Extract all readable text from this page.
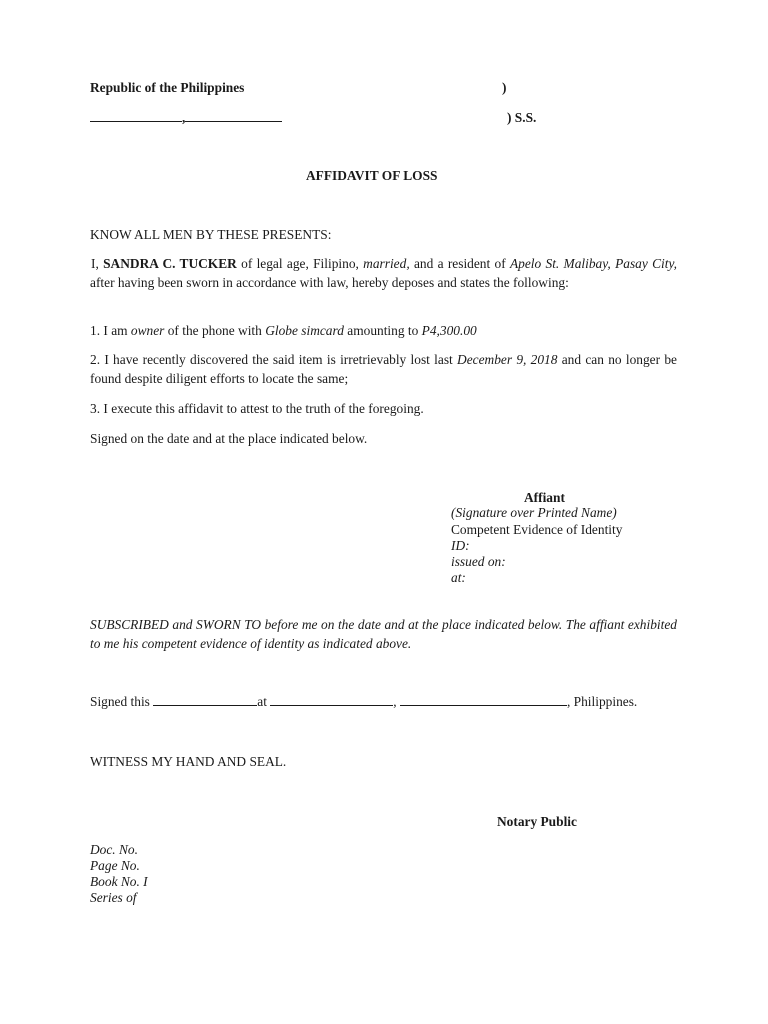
Republic of the Philippines	)
,	) S.S.
AFFIDAVIT OF LOSS
KNOW ALL MEN BY THESE PRESENTS:

I, SANDRA C. TUCKER of legal age, Filipino, married, and a resident of Apelo St. Malibay, Pasay City, after having been sworn in accordance with law, hereby deposes and states the following:

1. I am owner of the phone with Globe simcard amounting to P4,300.00

2. I have recently discovered the said item is irretrievably lost last December 9, 2018 and can no longer be found despite diligent efforts to locate the same;

3. I execute this affidavit to attest to the truth of the foregoing.
Signed on the date and at the place indicated below.
Affiant
(Signature over Printed Name)
Competent Evidence of Identity
ID:
issued on:
at:

SUBSCRIBED and SWORN TO before me on the date and at the place indicated below. The affiant exhibited to me his competent evidence of identity as indicated above.

Signed this	at	,	, Philippines.
WITNESS MY HAND AND SEAL.
Notary Public
Doc. No.
Page No.
Book No. I
Series of
